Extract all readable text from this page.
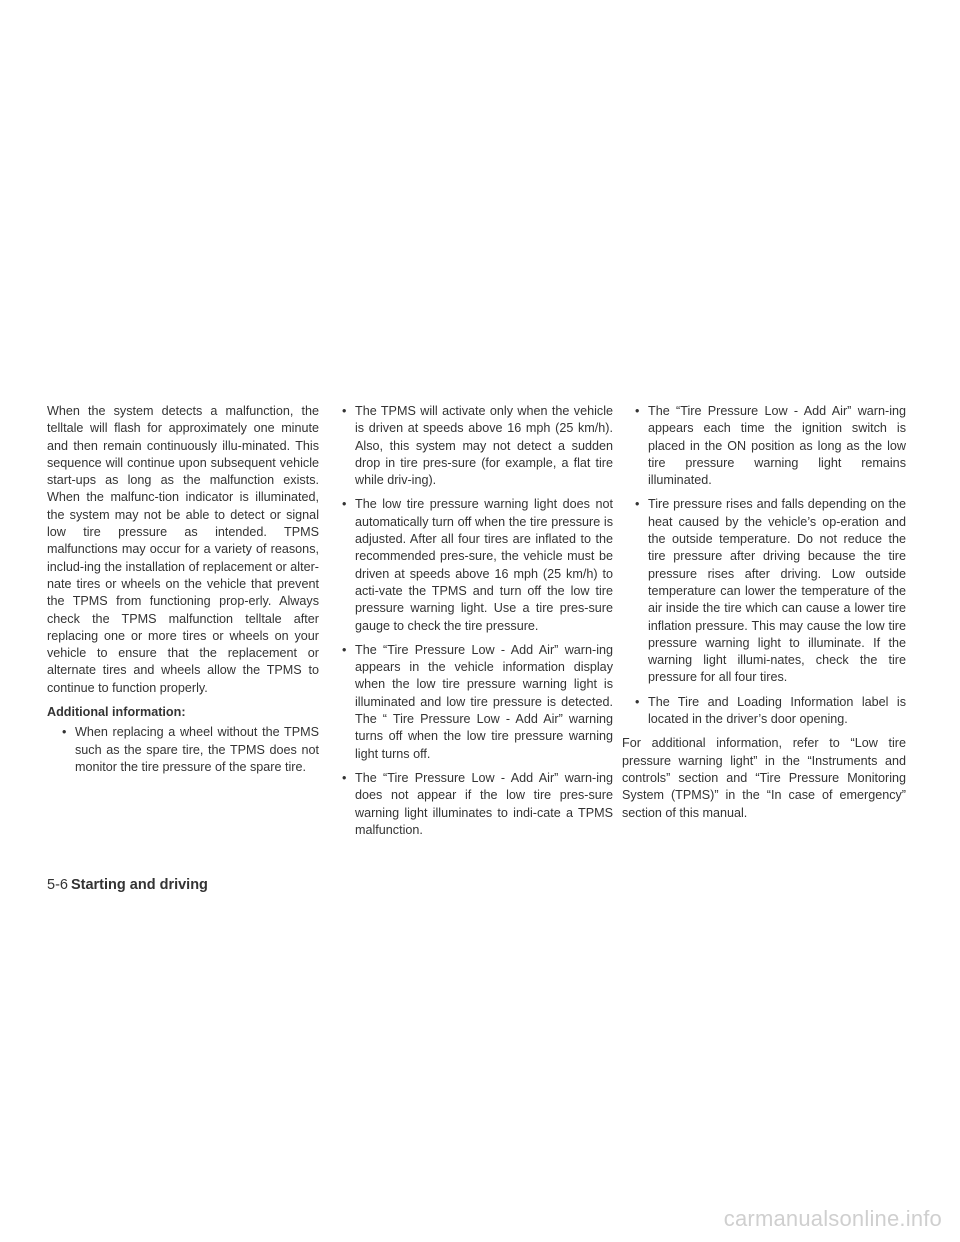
When the system detects a malfunction, the telltale will flash for approximately one minute and then remain continuously illu-minated. This sequence will continue upon subsequent vehicle start-ups as long as the malfunction exists. When the malfunc-tion indicator is illuminated, the system may not be able to detect or signal low tire pressure as intended. TPMS malfunctions may occur for a variety of reasons, includ-ing the installation of replacement or alter-nate tires or wheels on the vehicle that prevent the TPMS from functioning prop-erly. Always check the TPMS malfunction telltale after replacing one or more tires or wheels on your vehicle to ensure that the replacement or alternate tires and wheels allow the TPMS to continue to function properly.

Additional information:

• When replacing a wheel without the TPMS such as the spare tire, the TPMS does not monitor the tire pressure of the spare tire.
• The TPMS will activate only when the vehicle is driven at speeds above 16 mph (25 km/h). Also, this system may not detect a sudden drop in tire pres-sure (for example, a flat tire while driv-ing).
• The low tire pressure warning light does not automatically turn off when the tire pressure is adjusted. After all four tires are inflated to the recommended pres-sure, the vehicle must be driven at speeds above 16 mph (25 km/h) to acti-vate the TPMS and turn off the low tire pressure warning light. Use a tire pres-sure gauge to check the tire pressure.
• The “Tire Pressure Low - Add Air” warn-ing appears in the vehicle information display when the low tire pressure warning light is illuminated and low tire pressure is detected. The “ Tire Pressure Low - Add Air” warning turns off when the low tire pressure warning light turns off.
• The “Tire Pressure Low - Add Air” warn-ing does not appear if the low tire pres-sure warning light illuminates to indi-cate a TPMS malfunction.
• The “Tire Pressure Low - Add Air” warn-ing appears each time the ignition switch is placed in the ON position as long as the low tire pressure warning light remains illuminated.
• Tire pressure rises and falls depending on the heat caused by the vehicle’s op-eration and the outside temperature. Do not reduce the tire pressure after driving because the tire pressure rises after driving. Low outside temperature can lower the temperature of the air inside the tire which can cause a lower tire inflation pressure. This may cause the low tire pressure warning light to illuminate. If the warning light illumi-nates, check the tire pressure for all four tires.
• The Tire and Loading Information label is located in the driver’s door opening.

For additional information, refer to “Low tire pressure warning light” in the “Instruments and controls” section and “Tire Pressure Monitoring System (TPMS)” in the “In case of emergency” section of this manual.

5-6 Starting and driving
carmanualsonline.info
